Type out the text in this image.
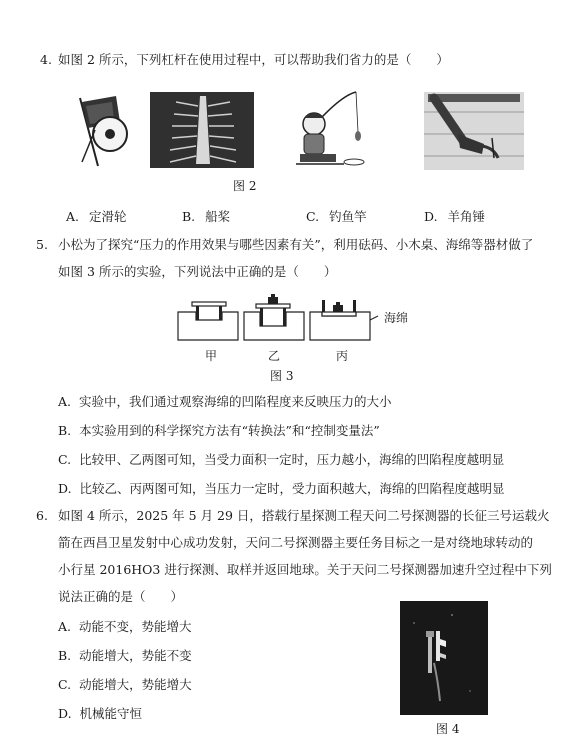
4. 如图 2 所示，下列杠杆在使用过程中，可以帮助我们省力的是（　　）
图 2
A. 定滑轮	B. 船桨	C. 钓鱼竿	D. 羊角锤
5. 小松为了探究“压力的作用效果与哪些因素有关”，利用砝码、小木桌、海绵等器材做了
如图 3 所示的实验，下列说法中正确的是（　　）
海绵
甲	乙	丙
图 3
A. 实验中，我们通过观察海绵的凹陷程度来反映压力的大小
B. 本实验用到的科学探究方法有“转换法”和“控制变量法”
C. 比较甲、乙两图可知，当受力面积一定时，压力越小，海绵的凹陷程度越明显
D. 比较乙、丙两图可知，当压力一定时，受力面积越大，海绵的凹陷程度越明显
6. 如图 4 所示，2025 年 5 月 29 日，搭载行星探测工程天问二号探测器的长征三号运载火
箭在西昌卫星发射中心成功发射，天问二号探测器主要任务目标之一是对绕地球转动的
小行星 2016HO3 进行探测、取样并返回地球。关于天问二号探测器加速升空过程中下列
说法正确的是（　　）
图 4
A. 动能不变，势能增大
B. 动能增大，势能不变
C. 动能增大，势能增大
D. 机械能守恒
